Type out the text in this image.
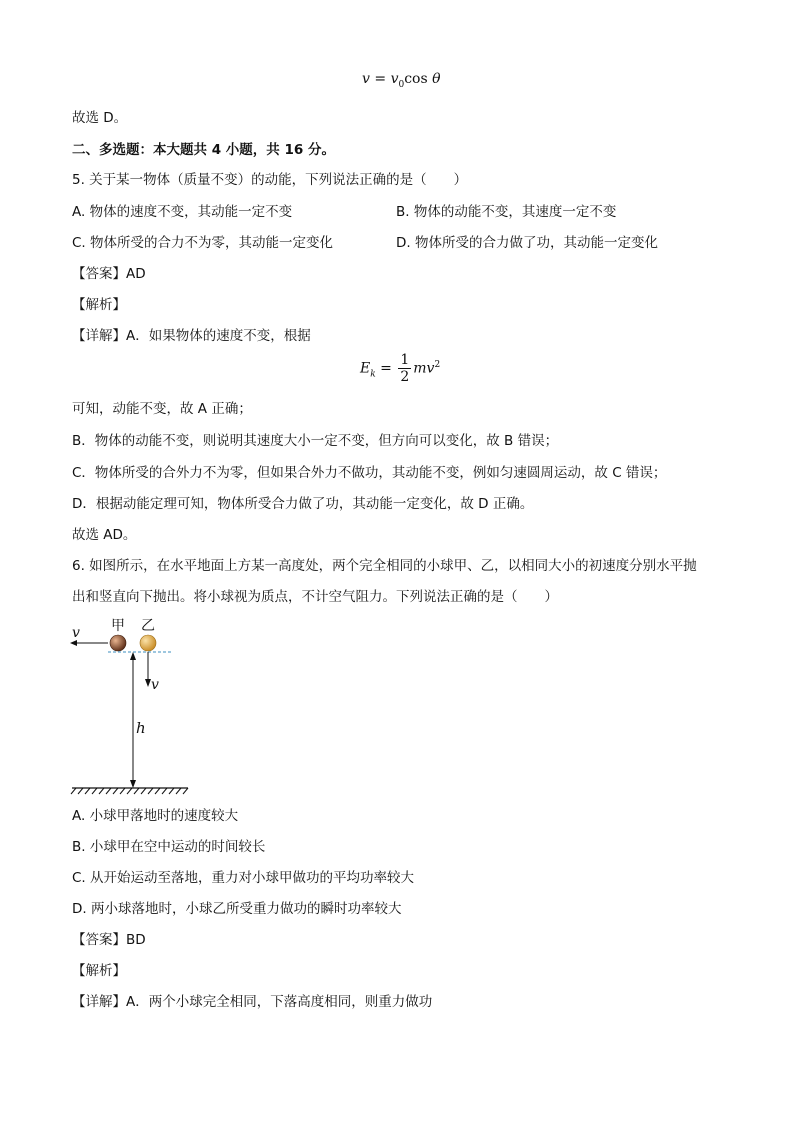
$v = v_0\cos$ θ
故选 D。
二、多选题：本大题共 4 小题，共 16 分。
5. 关于某一物体（质量不变）的动能，下列说法正确的是（　　）
A. 物体的速度不变，其动能一定不变	B. 物体的动能不变，其速度一定不变
C. 物体所受的合力不为零，其动能一定变化	D. 物体所受的合力做了功，其动能一定变化
【答案】AD
【解析】
【详解】A．如果物体的速度不变，根据
$E_k = \frac{1}{2} mv^2$
可知，动能不变，故 A 正确；
B．物体的动能不变，则说明其速度大小一定不变，但方向可以变化，故 B 错误；
C．物体所受的合外力不为零，但如果合外力不做功，其动能不变，例如匀速圆周运动，故 C 错误；
D．根据动能定理可知，物体所受合力做了功，其动能一定变化，故 D 正确。
故选 AD。
6. 如图所示，在水平地面上方某一高度处，两个完全相同的小球甲、乙，以相同大小的初速度分别水平抛
出和竖直向下抛出。将小球视为质点，不计空气阻力。下列说法正确的是（　　）
v 甲 乙
v
h
A. 小球甲落地时的速度较大
B. 小球甲在空中运动的时间较长
C. 从开始运动至落地，重力对小球甲做功的平均功率较大
D. 两小球落地时，小球乙所受重力做功的瞬时功率较大
【答案】BD
【解析】
【详解】A．两个小球完全相同，下落高度相同，则重力做功
